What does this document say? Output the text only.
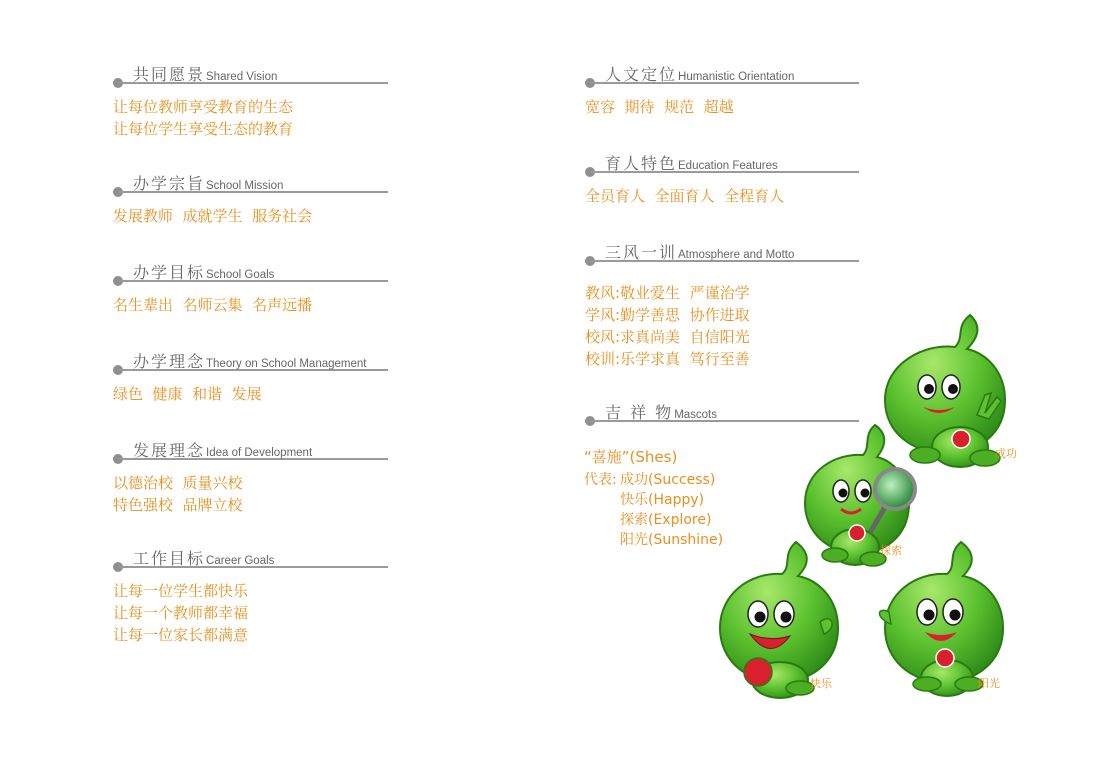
共同愿景Shared Vision
让每位教师享受教育的生态
让每位学生享受生态的教育
办学宗旨School Mission
发展教师  成就学生  服务社会
办学目标School Goals
名生辈出  名师云集  名声远播
办学理念Theory on School Management
绿色  健康  和谐  发展
发展理念Idea of Development
以德治校  质量兴校
特色强校  品牌立校
工作目标Career Goals
让每一位学生都快乐
让每一个教师都幸福
让每一位家长都满意
人文定位Humanistic Orientation
宽容  期待  规范  超越
育人特色Education Features
全员育人  全面育人  全程育人
三风一训Atmosphere and Motto
教风:敬业爱生  严谨治学
学风:勤学善思  协作进取
校风:求真尚美  自信阳光
校训:乐学求真  笃行至善
吉 祥 物Mascots
“喜施”(Shes)
代表: 成功(Success)
快乐(Happy)
探索(Explore)
阳光(Sunshine)
成功
探索
快乐	阳光
